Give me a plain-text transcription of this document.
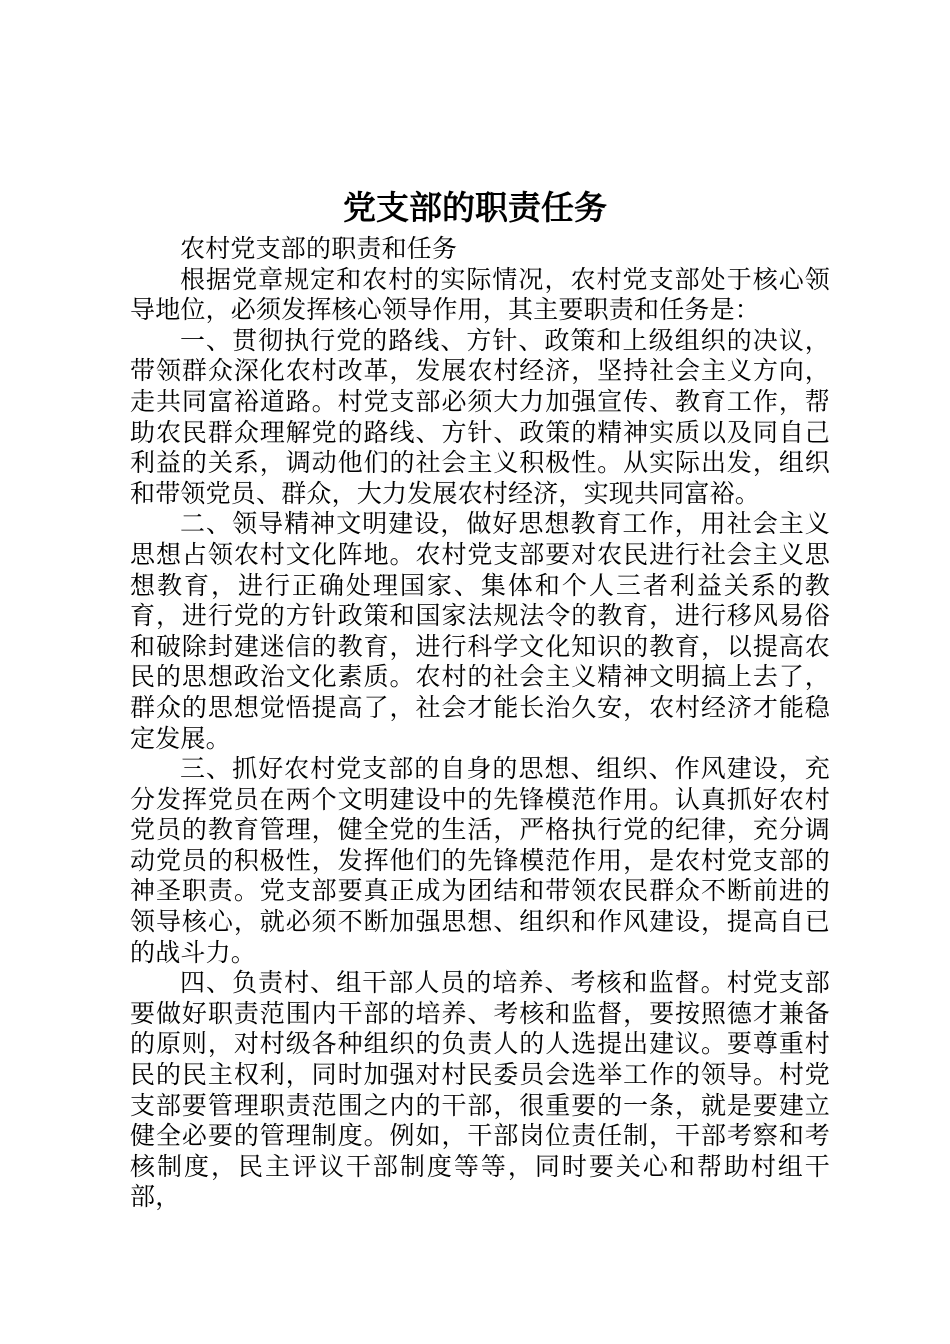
党支部的职责任务

农村党支部的职责和任务

根据党章规定和农村的实际情况，农村党支部处于核心领导地位，必须发挥核心领导作用，其主要职责和任务是：

一、贯彻执行党的路线、方针、政策和上级组织的决议，带领群众深化农村改革，发展农村经济，坚持社会主义方向，走共同富裕道路。村党支部必须大力加强宣传、教育工作，帮助农民群众理解党的路线、方针、政策的精神实质以及同自己利益的关系，调动他们的社会主义积极性。从实际出发，组织和带领党员、群众，大力发展农村经济，实现共同富裕。

二、领导精神文明建设，做好思想教育工作，用社会主义思想占领农村文化阵地。农村党支部要对农民进行社会主义思想教育，进行正确处理国家、集体和个人三者利益关系的教育，进行党的方针政策和国家法规法令的教育，进行移风易俗和破除封建迷信的教育，进行科学文化知识的教育，以提高农民的思想政治文化素质。农村的社会主义精神文明搞上去了，群众的思想觉悟提高了，社会才能长治久安，农村经济才能稳定发展。

三、抓好农村党支部的自身的思想、组织、作风建设，充分发挥党员在两个文明建设中的先锋模范作用。认真抓好农村党员的教育管理，健全党的生活，严格执行党的纪律，充分调动党员的积极性，发挥他们的先锋模范作用，是农村党支部的神圣职责。党支部要真正成为团结和带领农民群众不断前进的领导核心，就必须不断加强思想、组织和作风建设，提高自已的战斗力。

四、负责村、组干部人员的培养、考核和监督。村党支部要做好职责范围内干部的培养、考核和监督，要按照德才兼备的原则，对村级各种组织的负责人的人选提出建议。要尊重村民的民主权利，同时加强对村民委员会选举工作的领导。村党支部要管理职责范围之内的干部，很重要的一条，就是要建立健全必要的管理制度。例如，干部岗位责任制，干部考察和考核制度，民主评议干部制度等等，同时要关心和帮助村组干部，
